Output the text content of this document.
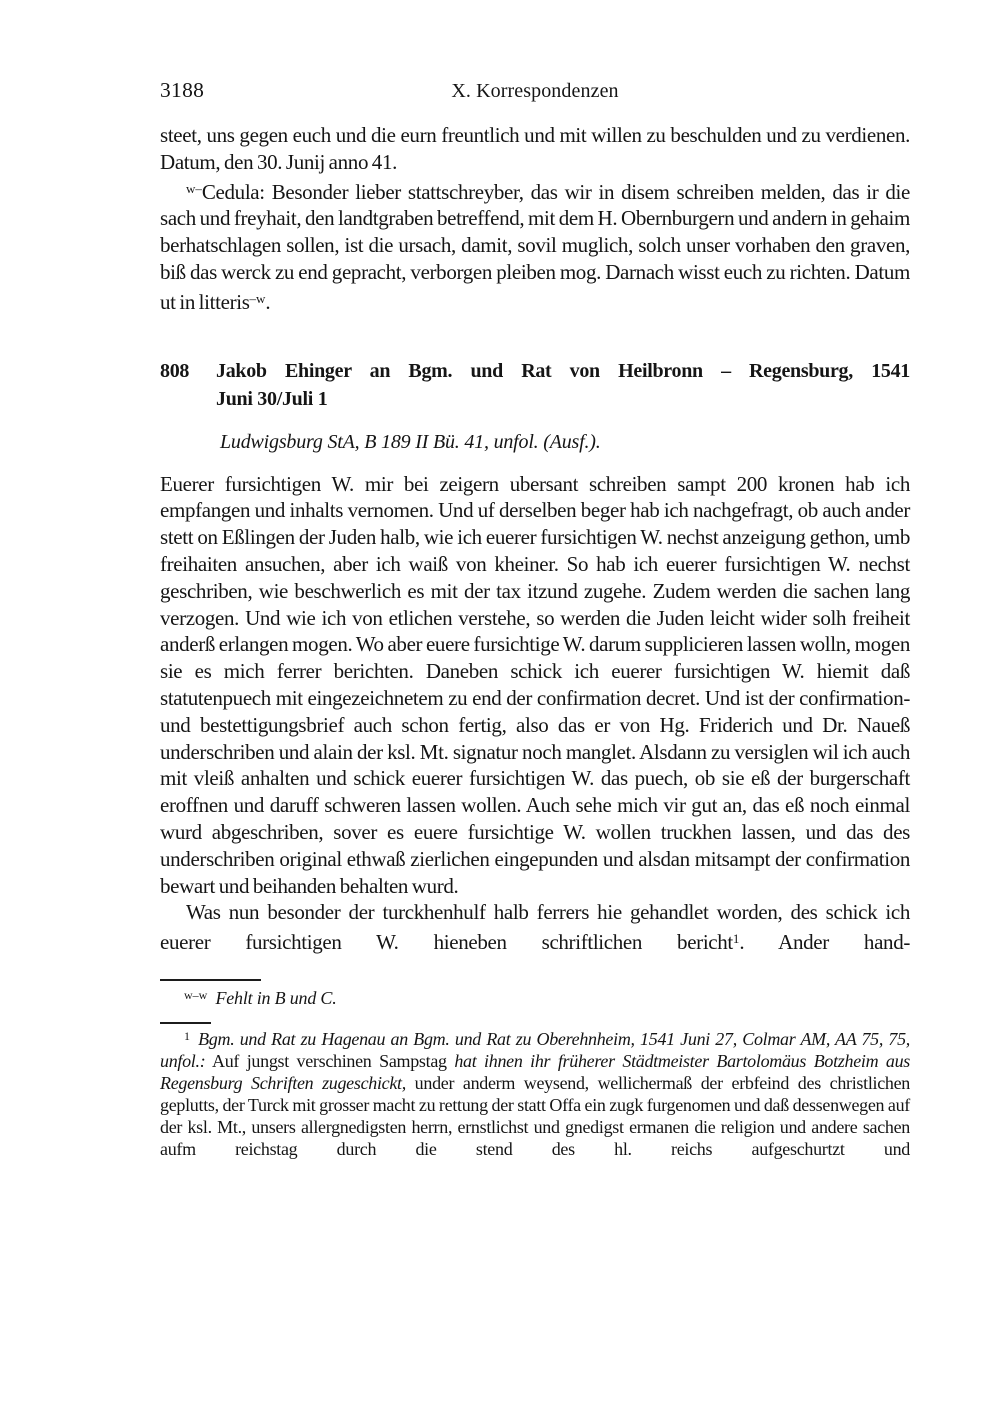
3188	X. Korrespondenzen

steet, uns gegen euch und die eurn freuntlich und mit willen zu beschulden und zu verdienen. Datum, den 30. Junij anno 41.

$^{w-}$Cedula: Besonder lieber stattschreyber, das wir in disem schreiben melden, das ir die sach und freyhait, den landtgraben betreffend, mit dem H. Obernburgern und andern in gehaim berhatschlagen sollen, ist die ursach, damit, sovil muglich, solch unser vorhaben den graven, biß das werck zu end gepracht, verborgen pleiben mog. Darnach wisst euch zu richten. Datum ut in litteris$^{-w}$.

808 Jakob Ehinger an Bgm. und Rat von Heilbronn – Regensburg, 1541
Juni 30/Juli 1

Ludwigsburg StA, B 189 II Bü. 41, unfol. (Ausf.).

Euerer fursichtigen W. mir bei zeigern ubersant schreiben sampt 200 kronen hab ich empfangen und inhalts vernomen. Und uf derselben beger hab ich nachgefragt, ob auch ander stett on Eßlingen der Juden halb, wie ich euerer fursichtigen W. nechst anzeigung gethon, umb freihaiten ansuchen, aber ich waiß von kheiner. So hab ich euerer fursichtigen W. nechst geschriben, wie beschwerlich es mit der tax itzund zugehe. Zudem werden die sachen lang verzogen. Und wie ich von etlichen verstehe, so werden die Juden leicht wider solh freiheit anderß erlangen mogen. Wo aber euere fursichtige W. darum supplicieren lassen wolln, mogen sie es mich ferrer berichten. Daneben schick ich euerer fursichtigen W. hiemit daß statutenpuech mit eingezeichnetem zu end der confirmation decret. Und ist der confirmation- und bestettigungsbrief auch schon fertig, also das er von Hg. Friderich und Dr. Naueß underschriben und alain der ksl. Mt. signatur noch manglet. Alsdann zu versiglen wil ich auch mit vleiß anhalten und schick euerer fursichtigen W. das puech, ob sie eß der burgerschaft eroffnen und daruff schweren lassen wollen. Auch sehe mich vir gut an, das eß noch einmal wurd abgeschriben, sover es euere fursichtige W. wollen truckhen lassen, und das des underschriben original ethwaß zierlichen eingepunden und alsdan mitsampt der confirmation bewart und beihanden behalten wurd.

Was nun besonder der turckhenhulf halb ferrers hie gehandlet worden, des schick ich euerer fursichtigen W. hieneben schriftlichen bericht$^1$. Ander hand-

$^{w-w}$ Fehlt in B und C.

$^1$ Bgm. und Rat zu Hagenau an Bgm. und Rat zu Oberehnheim, 1541 Juni 27, Colmar AM, AA 75, 75, unfol.: Auf jungst verschinen Sampstag hat ihnen ihr früherer Städtmeister Bartolomäus Botzheim aus Regensburg Schriften zugeschickt, under anderm weysend, wellichermaß der erbfeind des christlichen geplutts, der Turck mit grosser macht zu rettung der statt Offa ein zugk furgenomen und daß dessenwegen auf der ksl. Mt., unsers allergnedigsten herrn, ernstlichst und gnedigst ermanen die religion und andere sachen aufm reichstag durch die stend des hl. reichs aufgeschurtzt und
